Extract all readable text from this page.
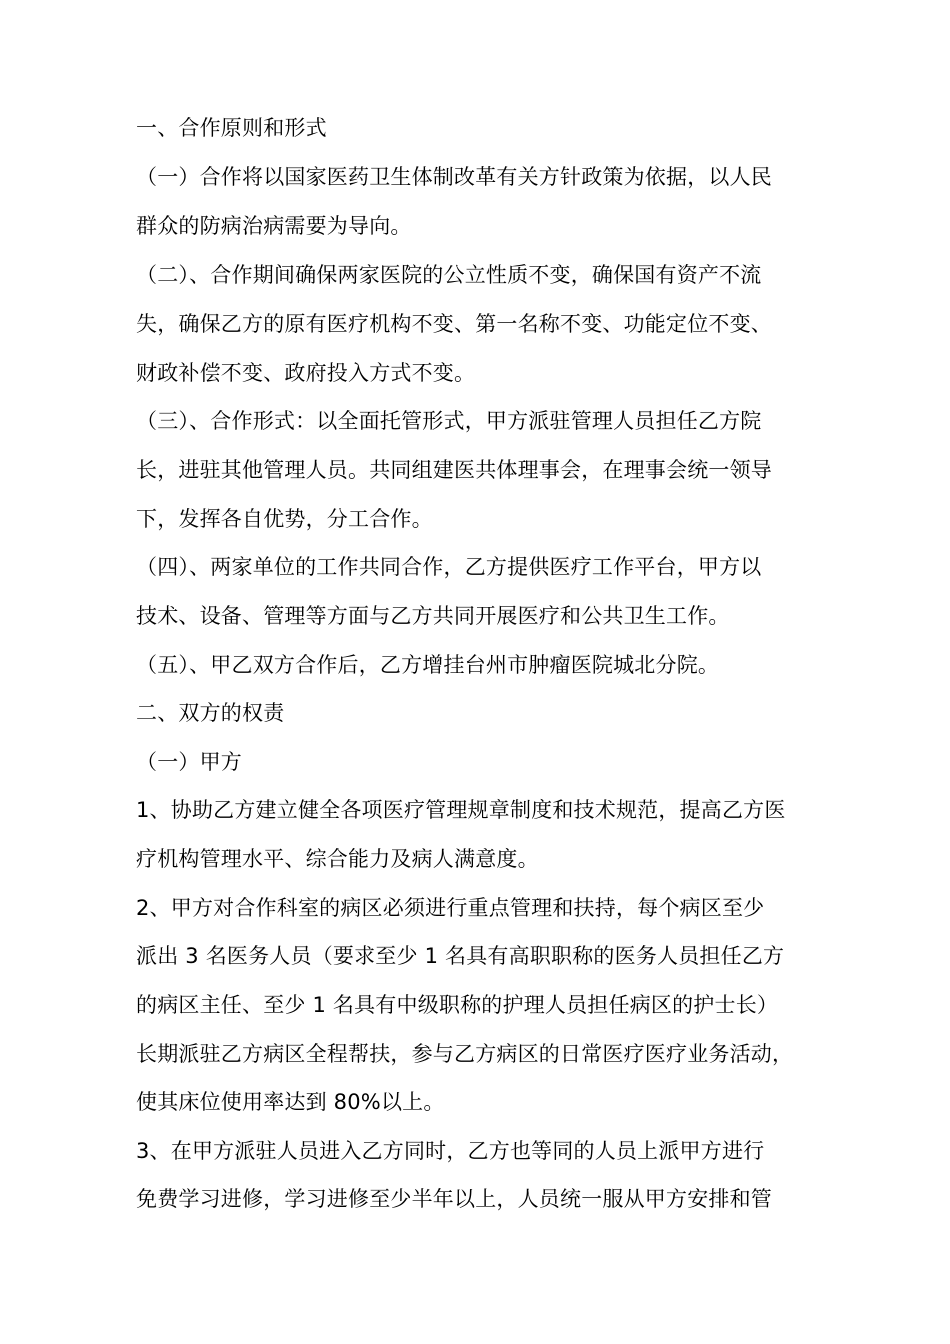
一、合作原则和形式
（一）合作将以国家医药卫生体制改革有关方针政策为依据，以人民
群众的防病治病需要为导向。
（二）、合作期间确保两家医院的公立性质不变，确保国有资产不流
失，确保乙方的原有医疗机构不变、第一名称不变、功能定位不变、
财政补偿不变、政府投入方式不变。
（三）、合作形式：以全面托管形式，甲方派驻管理人员担任乙方院
长，进驻其他管理人员。共同组建医共体理事会，在理事会统一领导
下，发挥各自优势，分工合作。
（四）、两家单位的工作共同合作，乙方提供医疗工作平台，甲方以
技术、设备、管理等方面与乙方共同开展医疗和公共卫生工作。
（五）、甲乙双方合作后，乙方增挂台州市肿瘤医院城北分院。
二、双方的权责
（一）甲方
1、协助乙方建立健全各项医疗管理规章制度和技术规范，提高乙方医
疗机构管理水平、综合能力及病人满意度。
2、甲方对合作科室的病区必须进行重点管理和扶持，每个病区至少
派出 3 名医务人员（要求至少 1 名具有高职职称的医务人员担任乙方
的病区主任、至少 1 名具有中级职称的护理人员担任病区的护士长）
长期派驻乙方病区全程帮扶，参与乙方病区的日常医疗医疗业务活动，
使其床位使用率达到 80%以上。
3、在甲方派驻人员进入乙方同时，乙方也等同的人员上派甲方进行
免费学习进修，学习进修至少半年以上，人员统一服从甲方安排和管
